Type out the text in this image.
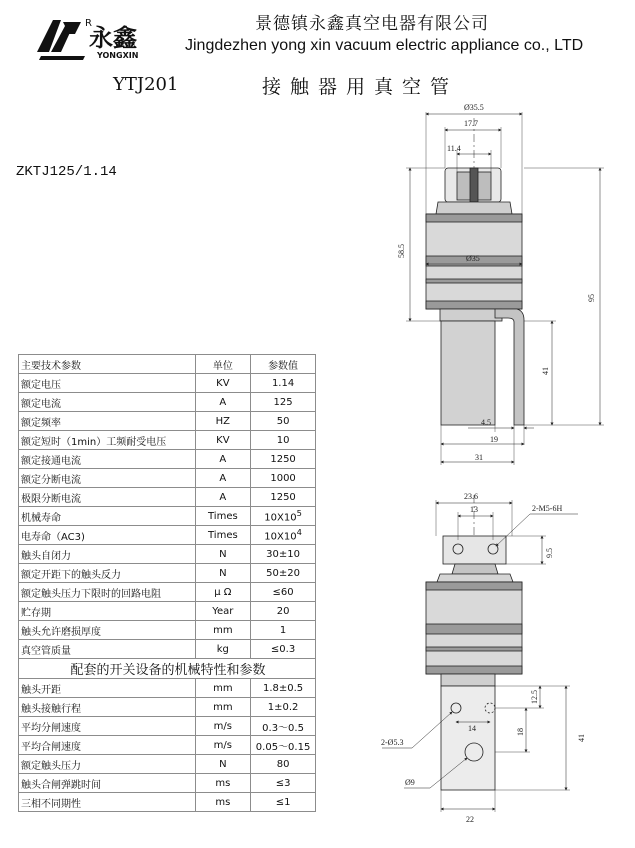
R
永鑫
YONGXIN
景德镇永鑫真空电器有限公司
Jingdezhen yong xin vacuum electric appliance co., LTD
YTJ201	接触器用真空管
ZKTJ125/1.14
主要技术参数	单位	参数值
额定电压	KV	1.14
额定电流	A	125
额定频率	HZ	50
额定短时（1min）工频耐受电压	KV	10
额定接通电流	A	1250
额定分断电流	A	1000
极限分断电流	A	1250
机械寿命	Times	$10X10^5$
电寿命（AC3)	Times	$10X10^4$
触头自闭力	N	30±10
额定开距下的触头反力	N	50±20
额定触头压力下限时的回路电阻	μ Ω	≤60
贮存期	Year	20
触头允许磨损厚度	mm	1
真空管质量	kg	≤0.3
配套的开关设备的机械特性和参数		
触头开距	mm	1.8±0.5
触头接触行程	mm	1±0.2
平均分闸速度	m/s	0.3～0.5
平均合闸速度	m/s	0.05～0.15
额定触头压力	N	80
触头合闸弹跳时间	ms	≤3
三相不同期性	ms	≤1
Ø35.5
17.7
11.4
Ø35
58.5
95
41
4.5
19
31
23.6
13	2-M5-6H
9.5
12.5
14	18
41
2-Ø5.3
Ø9
22
